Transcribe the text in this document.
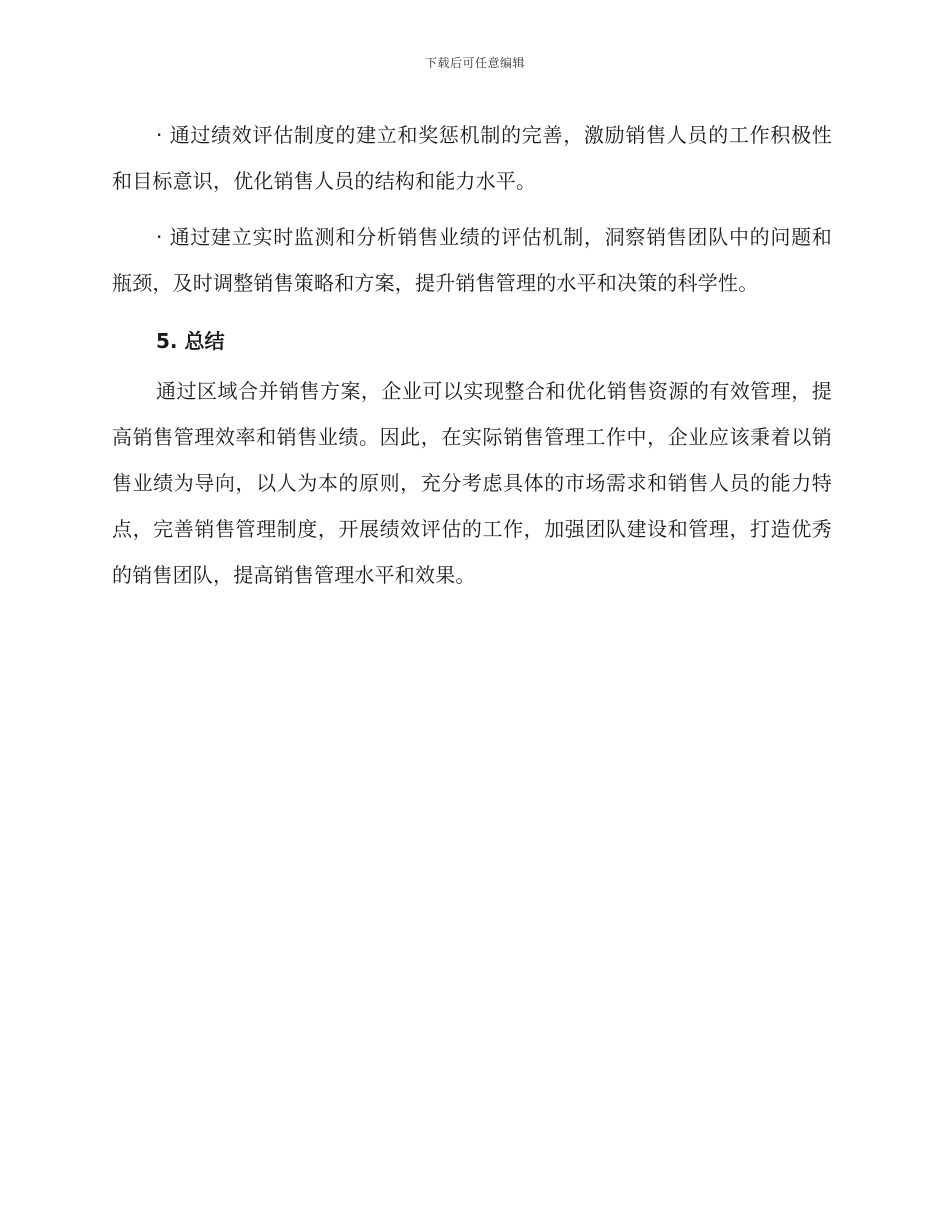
下载后可任意编辑

· 通过绩效评估制度的建立和奖惩机制的完善，激励销售人员的工作积极性和目标意识，优化销售人员的结构和能力水平。

· 通过建立实时监测和分析销售业绩的评估机制，洞察销售团队中的问题和瓶颈，及时调整销售策略和方案，提升销售管理的水平和决策的科学性。

5. 总结

通过区域合并销售方案，企业可以实现整合和优化销售资源的有效管理，提高销售管理效率和销售业绩。因此，在实际销售管理工作中，企业应该秉着以销售业绩为导向，以人为本的原则，充分考虑具体的市场需求和销售人员的能力特点，完善销售管理制度，开展绩效评估的工作，加强团队建设和管理，打造优秀的销售团队，提高销售管理水平和效果。
